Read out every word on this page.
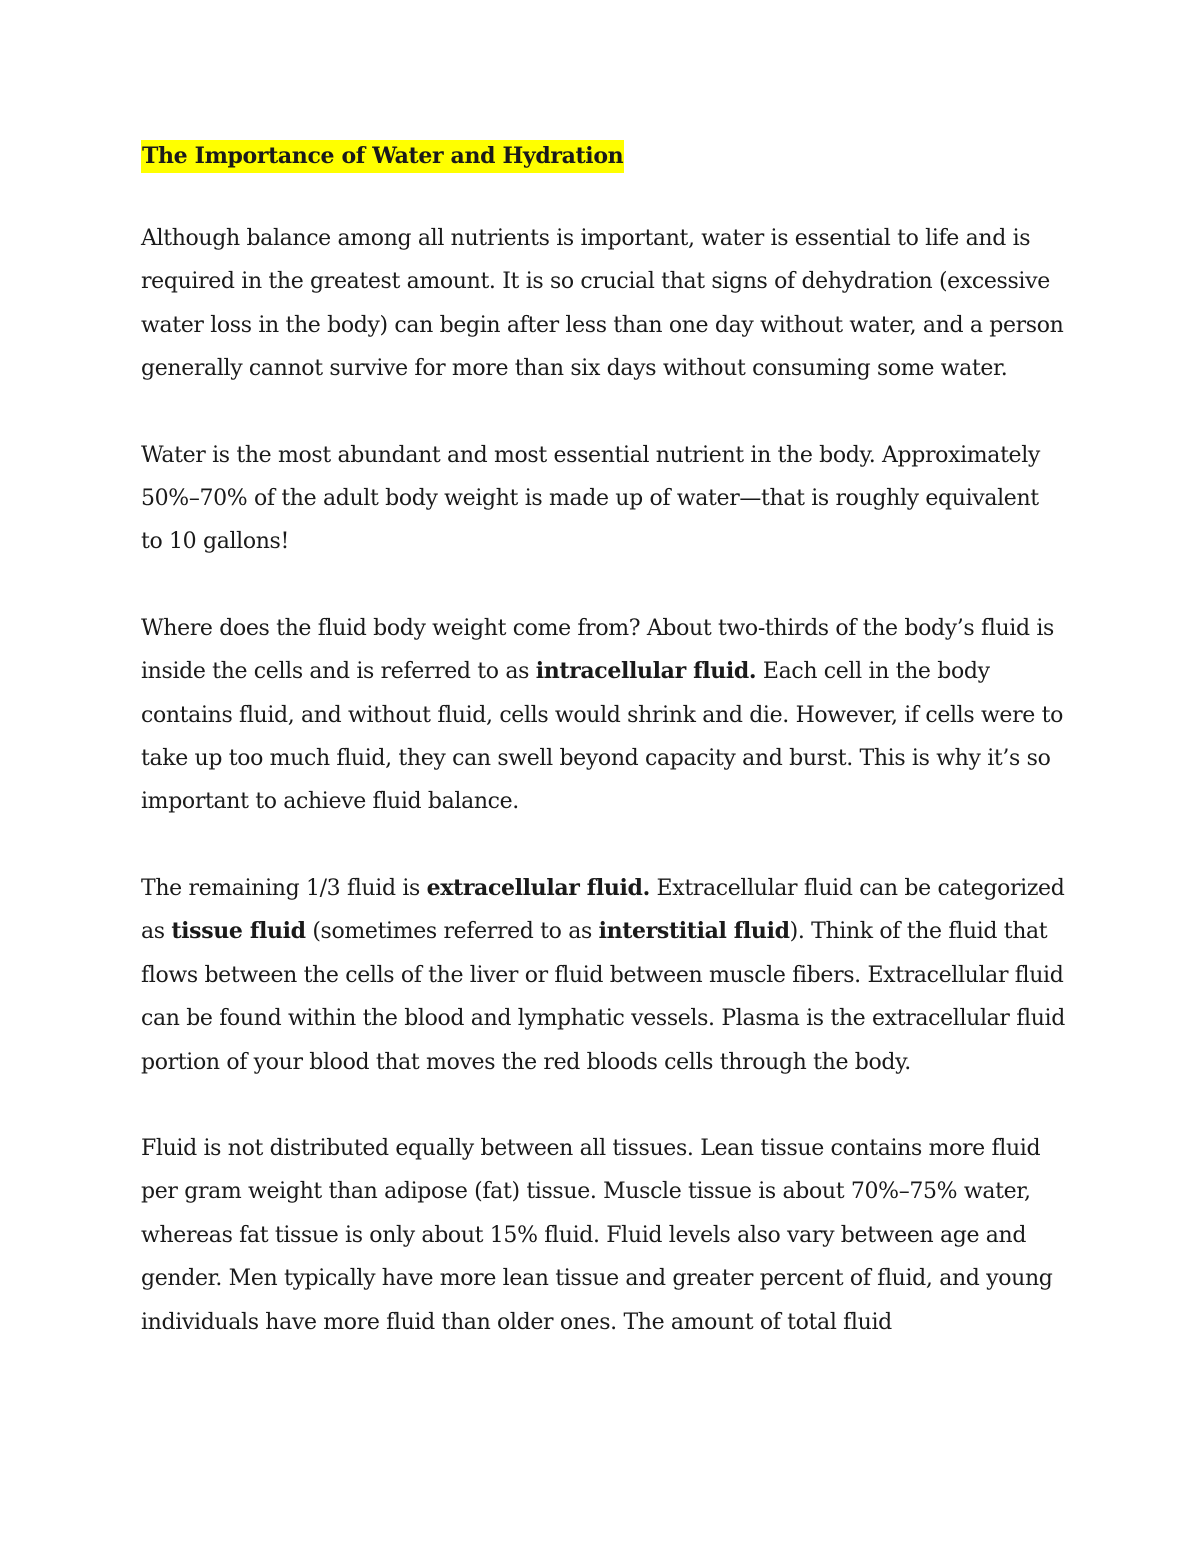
The Importance of Water and Hydration

Although balance among all nutrients is important, water is essential to life and is required in the greatest amount. It is so crucial that signs of dehydration (excessive water loss in the body) can begin after less than one day without water, and a person generally cannot survive for more than six days without consuming some water.

Water is the most abundant and most essential nutrient in the body. Approximately 50%–70% of the adult body weight is made up of water—that is roughly equivalent to 10 gallons!

Where does the fluid body weight come from? About two-thirds of the body’s fluid is inside the cells and is referred to as intracellular fluid. Each cell in the body contains fluid, and without fluid, cells would shrink and die. However, if cells were to take up too much fluid, they can swell beyond capacity and burst. This is why it’s so important to achieve fluid balance.

The remaining 1/3 fluid is extracellular fluid. Extracellular fluid can be categorized as tissue fluid (sometimes referred to as interstitial fluid). Think of the fluid that flows between the cells of the liver or fluid between muscle fibers. Extracellular fluid can be found within the blood and lymphatic vessels. Plasma is the extracellular fluid portion of your blood that moves the red bloods cells through the body.

Fluid is not distributed equally between all tissues. Lean tissue contains more fluid per gram weight than adipose (fat) tissue. Muscle tissue is about 70%–75% water, whereas fat tissue is only about 15% fluid. Fluid levels also vary between age and gender. Men typically have more lean tissue and greater percent of fluid, and young individuals have more fluid than older ones. The amount of total fluid
